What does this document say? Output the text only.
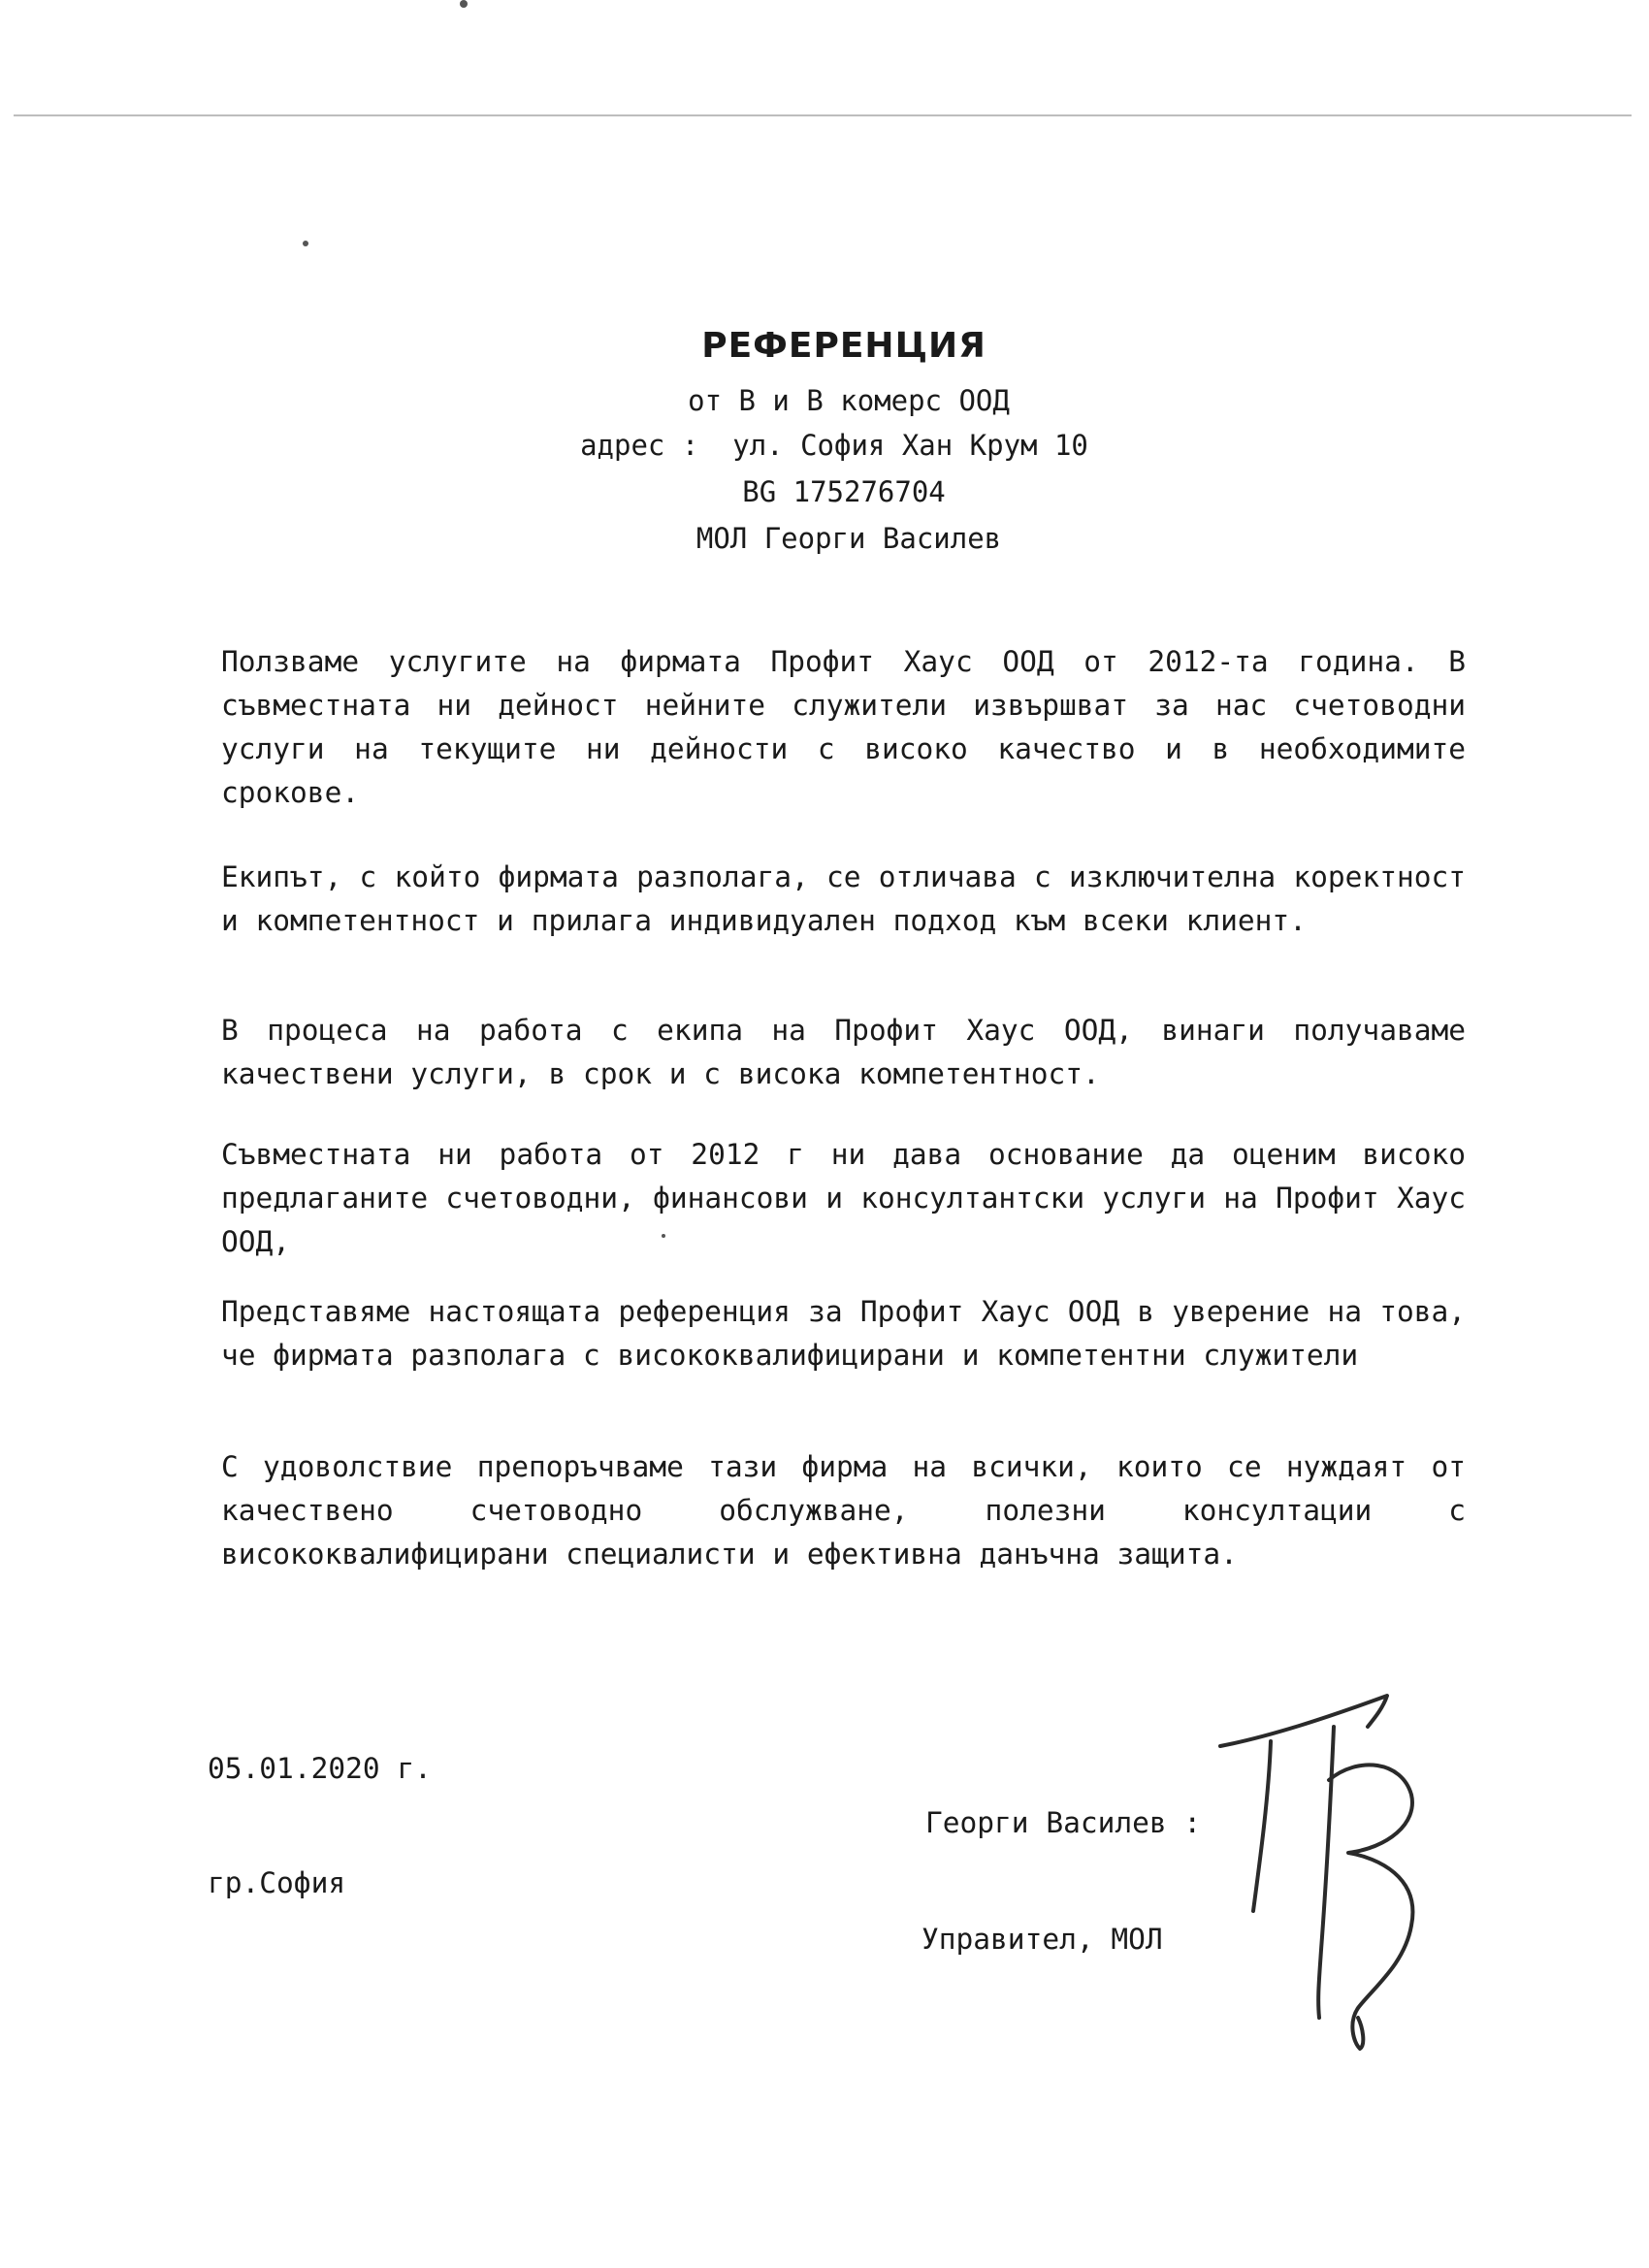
РЕФЕРЕНЦИЯ
от В и В комерс ООД
адрес :  ул. София Хан Крум 10
BG 175276704
МОЛ Георги Василев
Ползваме услугите на фирмата Профит Хаус ООД от 2012-та година. В съвместната ни дейност нейните служители извършват за нас счетоводни услуги на текущите ни дейности с високо качество и в необходимите срокове.
Екипът, с който фирмата разполага, се отличава с изключителна коректност и компетентност и прилага индивидуален подход към всеки клиент.
В процеса на работа с екипа на Профит Хаус ООД, винаги получаваме качествени услуги, в срок и с висока компетентност.
Съвместната ни работа от 2012 г ни дава основание да оценим високо предлаганите счетоводни, финансови и консултантски услуги на Профит Хаус ООД,
Представяме настоящата референция за Профит Хаус ООД в уверение на това, че фирмата разполага с висококвалифицирани и компетентни служители
С удоволствие препоръчваме тази фирма на всички, които се нуждаят от качествено счетоводно обслужване, полезни консултации с висококвалифицирани специалисти и ефективна данъчна защита.
05.01.2020 г.
гр.София
Георги Василев :
Управител, МОЛ
